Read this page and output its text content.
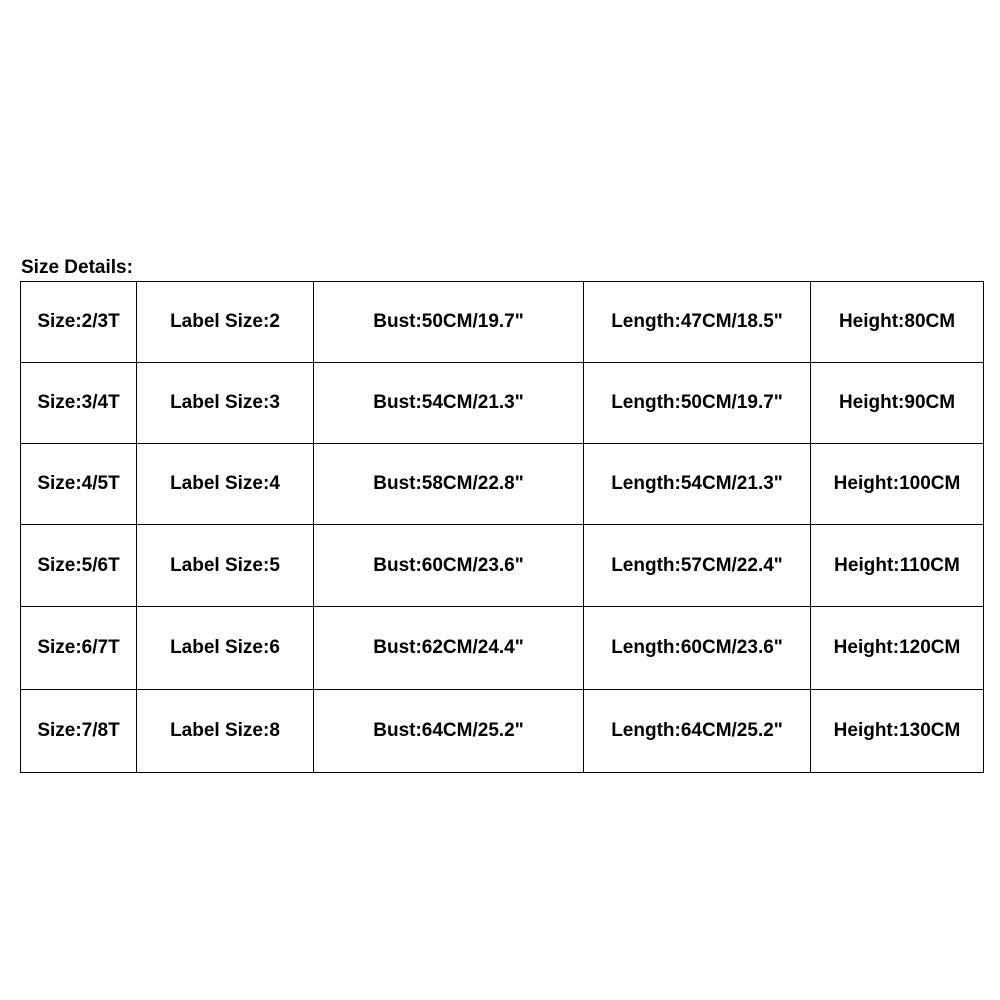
Size Details:
Size:2/3T	Label Size:2	Bust:50CM/19.7"	Length:47CM/18.5"	Height:80CM
Size:3/4T	Label Size:3	Bust:54CM/21.3"	Length:50CM/19.7"	Height:90CM
Size:4/5T	Label Size:4	Bust:58CM/22.8"	Length:54CM/21.3"	Height:100CM
Size:5/6T	Label Size:5	Bust:60CM/23.6"	Length:57CM/22.4"	Height:110CM
Size:6/7T	Label Size:6	Bust:62CM/24.4"	Length:60CM/23.6"	Height:120CM
Size:7/8T	Label Size:8	Bust:64CM/25.2"	Length:64CM/25.2"	Height:130CM
